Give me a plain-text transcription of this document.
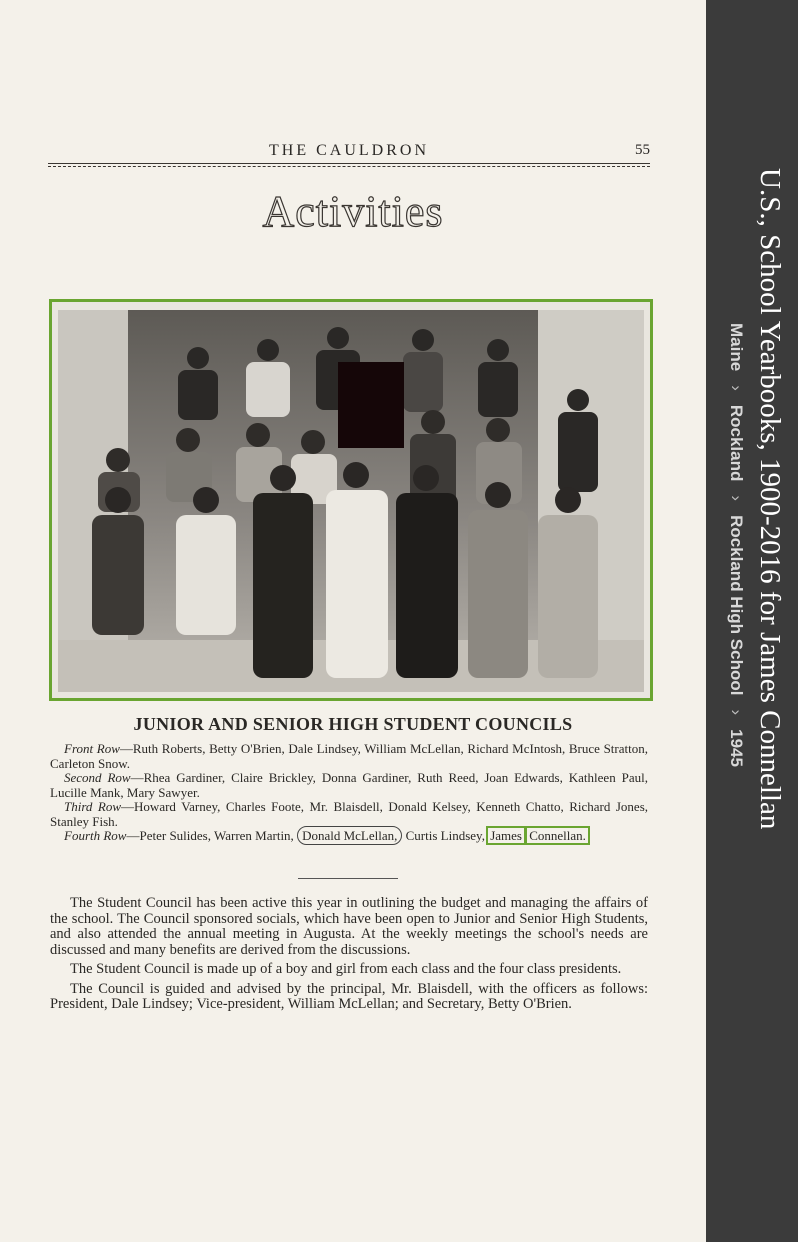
THE CAULDRON	55
Activities
JUNIOR AND SENIOR HIGH STUDENT COUNCILS

Front Row—Ruth Roberts, Betty O'Brien, Dale Lindsey, William McLellan, Richard McIntosh, Bruce Stratton, Carleton Snow.

Second Row—Rhea Gardiner, Claire Brickley, Donna Gardiner, Ruth Reed, Joan Edwards, Kathleen Paul, Lucille Mank, Mary Sawyer.

Third Row—Howard Varney, Charles Foote, Mr. Blaisdell, Donald Kelsey, Kenneth Chatto, Richard Jones, Stanley Fish.

Fourth Row—Peter Sulides, Warren Martin, Donald McLellan, Curtis Lindsey, James Connellan.

The Student Council has been active this year in outlining the budget and managing the affairs of the school. The Council sponsored socials, which have been open to Junior and Senior High Students, and also attended the annual meeting in Augusta. At the weekly meetings the school's needs are discussed and many benefits are derived from the discussions.

The Student Council is made up of a boy and girl from each class and the four class presidents.

The Council is guided and advised by the principal, Mr. Blaisdell, with the officers as follows: President, Dale Lindsey; Vice-president, William McLellan; and Secretary, Betty O'Brien.

U.S., School Yearbooks, 1900-2016 for James Connellan
Maine
›
Rockland
›
Rockland High School
›
1945
